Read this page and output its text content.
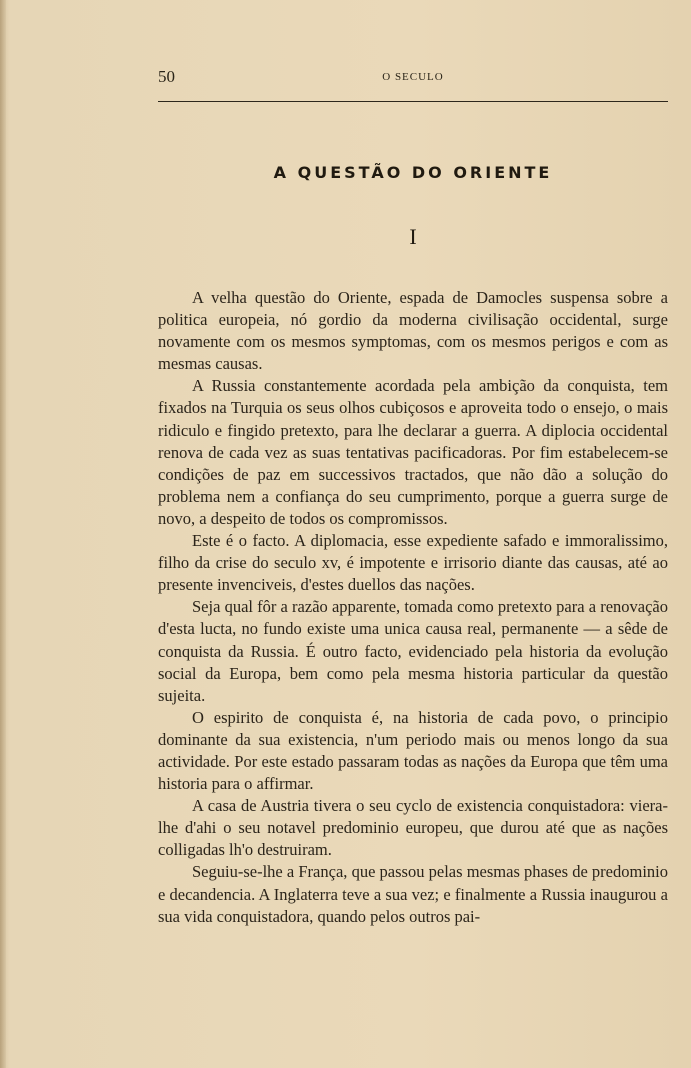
50	O SECULO
A QUESTÃO DO ORIENTE
I

A velha questão do Oriente, espada de Damocles suspensa sobre a politica europeia, nó gordio da moderna civilisação occidental, surge novamente com os mesmos symptomas, com os mesmos perigos e com as mesmas causas.

A Russia constantemente acordada pela ambição da conquista, tem fixados na Turquia os seus olhos cubiçosos e aproveita todo o ensejo, o mais ridiculo e fingido pretexto, para lhe declarar a guerra. A diplocia occidental renova de cada vez as suas tentativas pacificadoras. Por fim estabelecem-se condições de paz em successivos tractados, que não dão a solução do problema nem a confiança do seu cumprimento, porque a guerra surge de novo, a despeito de todos os compromissos.

Este é o facto. A diplomacia, esse expediente safado e immoralissimo, filho da crise do seculo xv, é impotente e irrisorio diante das causas, até ao presente invenciveis, d'estes duellos das nações.

Seja qual fôr a razão apparente, tomada como pretexto para a renovação d'esta lucta, no fundo existe uma unica causa real, permanente — a sêde de conquista da Russia. É outro facto, evidenciado pela historia da evolução social da Europa, bem como pela mesma historia particular da questão sujeita.

O espirito de conquista é, na historia de cada povo, o principio dominante da sua existencia, n'um periodo mais ou menos longo da sua actividade. Por este estado passaram todas as nações da Europa que têm uma historia para o affirmar.

A casa de Austria tivera o seu cyclo de existencia conquistadora: viera-lhe d'ahi o seu notavel predominio europeu, que durou até que as nações colligadas lh'o destruiram.

Seguiu-se-lhe a França, que passou pelas mesmas phases de predominio e decandencia. A Inglaterra teve a sua vez; e finalmente a Russia inaugurou a sua vida conquistadora, quando pelos outros pai-
